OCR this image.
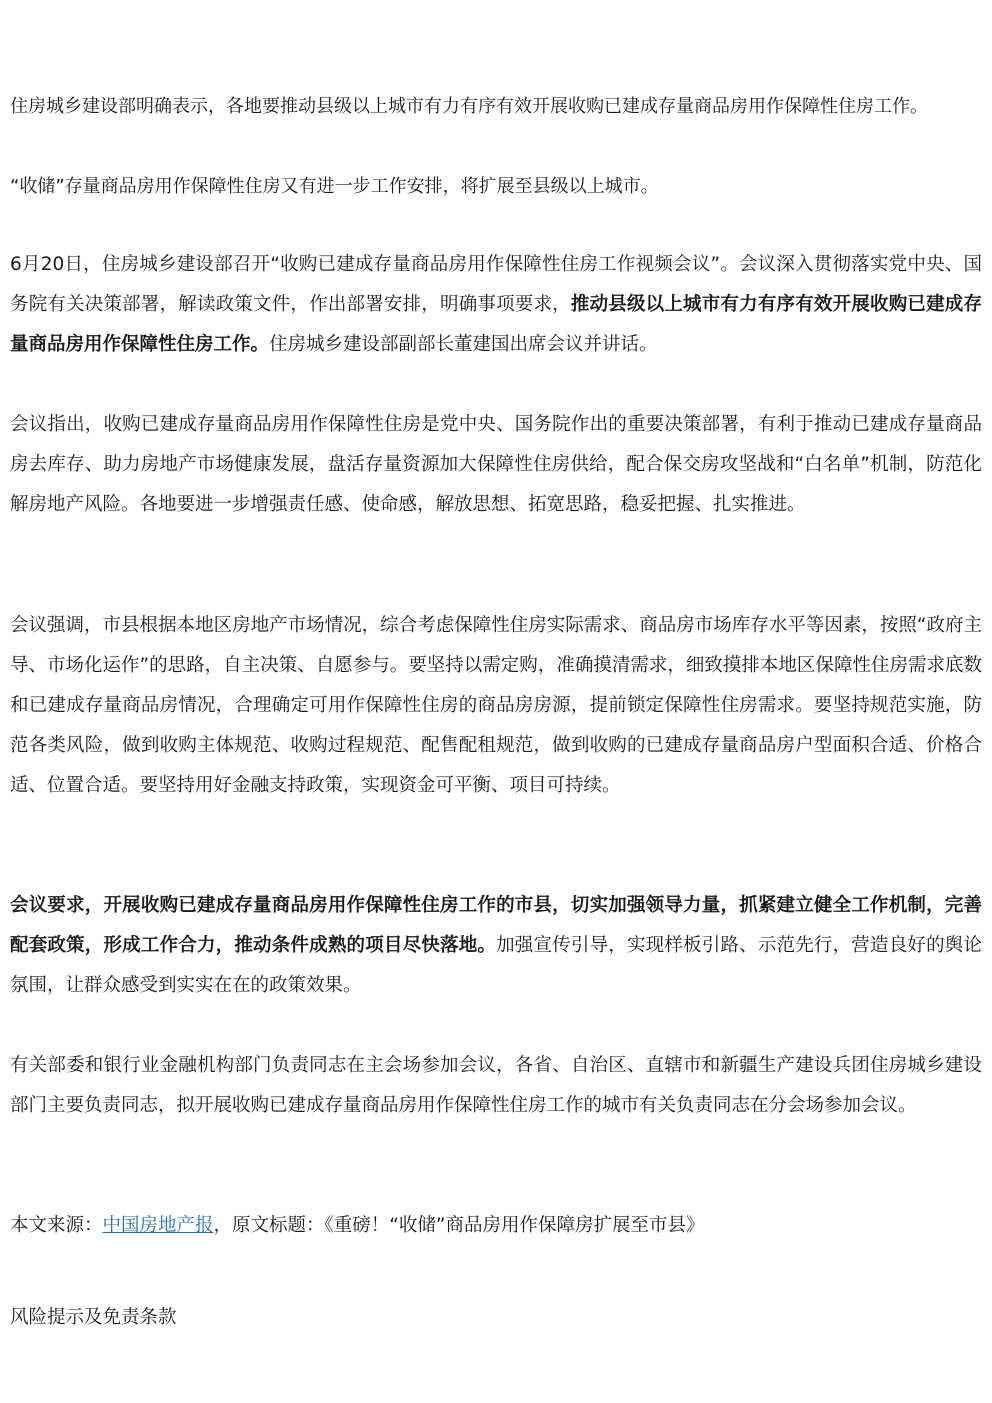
住房城乡建设部明确表示，各地要推动县级以上城市有力有序有效开展收购已建成存量商品房用作保障性住房工作。
“收储”存量商品房用作保障性住房又有进一步工作安排，将扩展至县级以上城市。
6月20日，住房城乡建设部召开“收购已建成存量商品房用作保障性住房工作视频会议”。会议深入贯彻落实党中央、国务院有关决策部署，解读政策文件，作出部署安排，明确事项要求，推动县级以上城市有力有序有效开展收购已建成存量商品房用作保障性住房工作。住房城乡建设部副部长董建国出席会议并讲话。
会议指出，收购已建成存量商品房用作保障性住房是党中央、国务院作出的重要决策部署，有利于推动已建成存量商品房去库存、助力房地产市场健康发展，盘活存量资源加大保障性住房供给，配合保交房攻坚战和“白名单”机制，防范化解房地产风险。各地要进一步增强责任感、使命感，解放思想、拓宽思路，稳妥把握、扎实推进。
会议强调，市县根据本地区房地产市场情况，综合考虑保障性住房实际需求、商品房市场库存水平等因素，按照“政府主导、市场化运作”的思路，自主决策、自愿参与。要坚持以需定购，准确摸清需求，细致摸排本地区保障性住房需求底数和已建成存量商品房情况，合理确定可用作保障性住房的商品房房源，提前锁定保障性住房需求。要坚持规范实施，防范各类风险，做到收购主体规范、收购过程规范、配售配租规范，做到收购的已建成存量商品房户型面积合适、价格合适、位置合适。要坚持用好金融支持政策，实现资金可平衡、项目可持续。
会议要求，开展收购已建成存量商品房用作保障性住房工作的市县，切实加强领导力量，抓紧建立健全工作机制，完善配套政策，形成工作合力，推动条件成熟的项目尽快落地。加强宣传引导，实现样板引路、示范先行，营造良好的舆论氛围，让群众感受到实实在在的政策效果。
有关部委和银行业金融机构部门负责同志在主会场参加会议，各省、自治区、直辖市和新疆生产建设兵团住房城乡建设部门主要负责同志，拟开展收购已建成存量商品房用作保障性住房工作的城市有关负责同志在分会场参加会议。
本文来源：中国房地产报，原文标题：《重磅！“收储”商品房用作保障房扩展至市县》
风险提示及免责条款
